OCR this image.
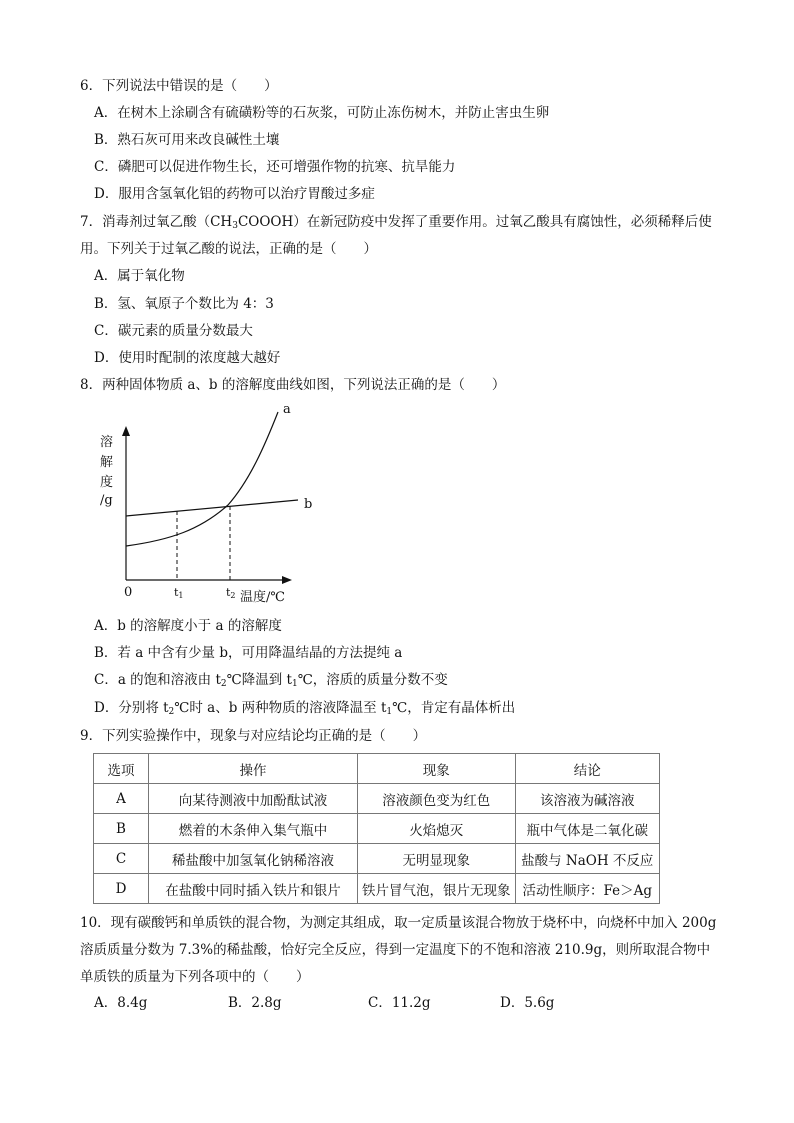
6．下列说法中错误的是（　　）
A．在树木上涂刷含有硫磺粉等的石灰浆，可防止冻伤树木，并防止害虫生卵
B．熟石灰可用来改良碱性土壤
C．磷肥可以促进作物生长，还可增强作物的抗寒、抗旱能力
D．服用含氢氧化铝的药物可以治疗胃酸过多症
7．消毒剂过氧乙酸$(CH_3COOOH)$在新冠防疫中发挥了重要作用。过氧乙酸具有腐蚀性，必须稀释后使
用。下列关于过氧乙酸的说法，正确的是（　　）
A．属于氧化物
B．氢、氧原子个数比为 4：3
C．碳元素的质量分数最大
D．使用时配制的浓度越大越好
8．两种固体物质 a、b 的溶解度曲线如图，下列说法正确的是（　　）
溶
解
度
/g	b
a
0	t1	t2 温度/℃
A．b 的溶解度小于 a 的溶解度
B．若 a 中含有少量 b，可用降温结晶的方法提纯 a
C．a 的饱和溶液由 $t_2℃$降温到 $t_1℃$，溶质的质量分数不变
D．分别将 $t_2℃$时 a、b 两种物质的溶液降温至 $t_1℃$，肯定有晶体析出
9．下列实验操作中，现象与对应结论均正确的是（　　）
选项	操作	现象	结论
A	向某待测液中加酚酞试液	溶液颜色变为红色	该溶液为碱溶液
B	燃着的木条伸入集气瓶中	火焰熄灭	瓶中气体是二氧化碳
C	稀盐酸中加氢氧化钠稀溶液	无明显现象	盐酸与 NaOH 不反应
D	在盐酸中同时插入铁片和银片	铁片冒气泡，银片无现象	活动性顺序：Fe＞Ag
10．现有碳酸钙和单质铁的混合物，为测定其组成，取一定质量该混合物放于烧杯中，向烧杯中加入 200g 溶质质量分数为 7.3%的稀盐酸，恰好完全反应，得到一定温度下的不饱和溶液 210.9g，则所取混合物中单质铁的质量为下列各项中的（　　）
A．8.4g	B．2.8g	C．11.2g	D．5.6g
